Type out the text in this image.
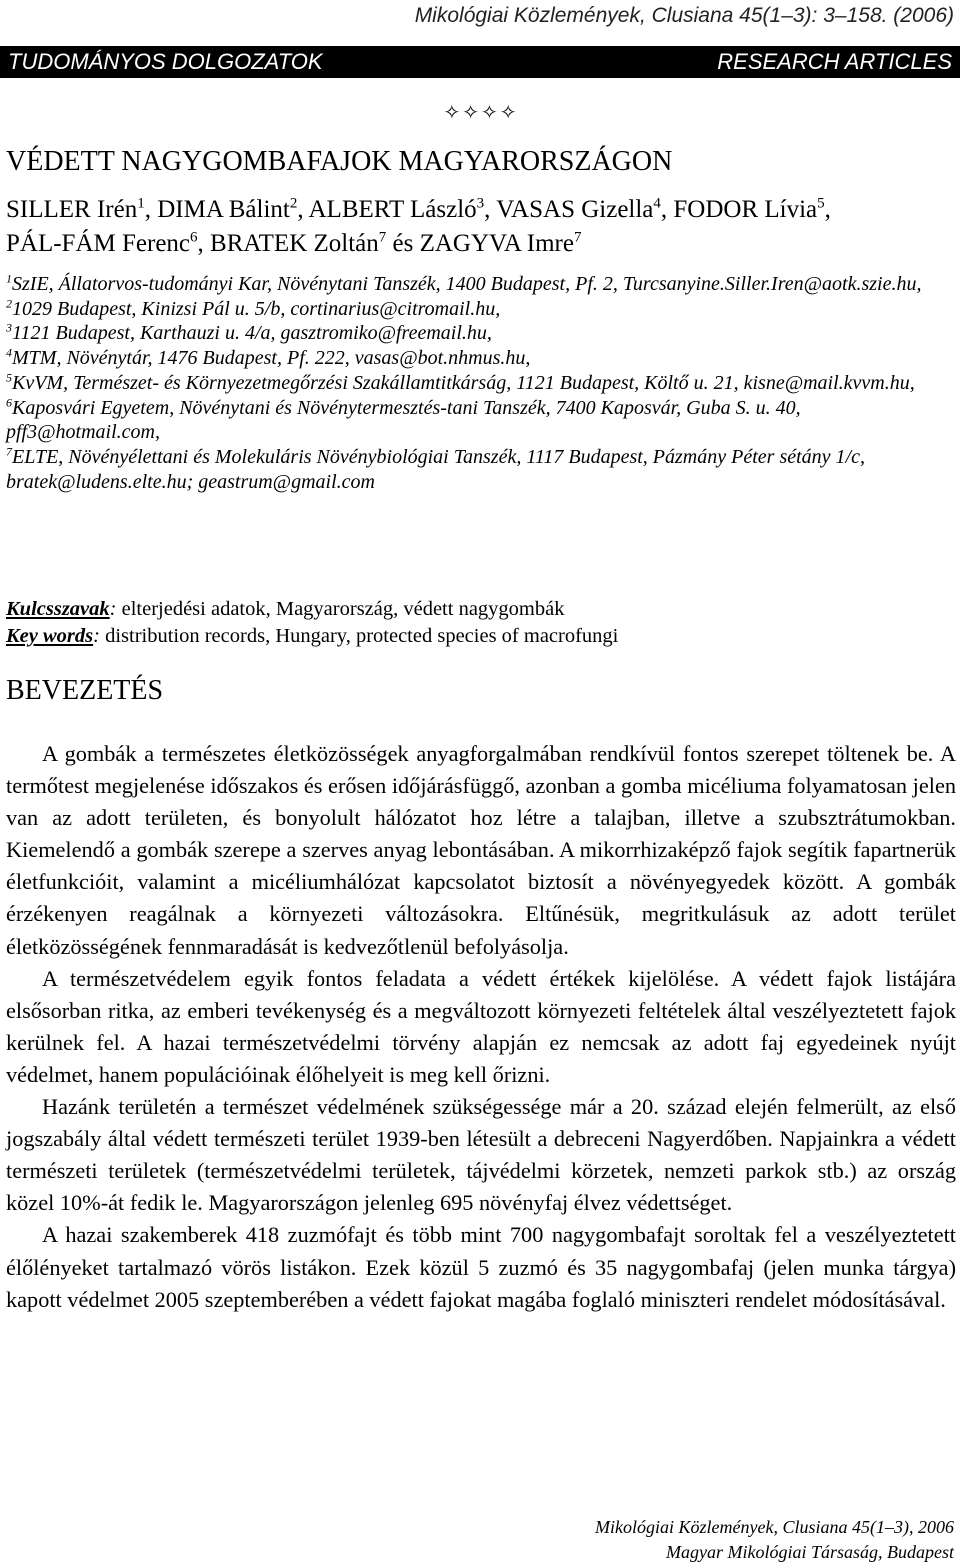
Mikológiai Közlemények, Clusiana 45(1–3): 3–158. (2006)
TUDOMÁNYOS DOLGOZATOK	RESEARCH ARTICLES
✧✧✧✧
VÉDETT NAGYGOMBAFAJOK MAGYARORSZÁGON
SILLER Irén$^1$, DIMA Bálint$^2$, ALBERT László$^3$, VASAS Gizella$^4$, FODOR Lívia$^5$,
PÁL-FÁM Ferenc$^6$, BRATEK Zoltán$^7$ és ZAGYVA Imre$^7$

$^1$SzIE, Állatorvos-tudományi Kar, Növénytani Tanszék, 1400 Budapest, Pf. 2, Turcsanyine.Siller.Iren@aotk.szie.hu,

$^2$1029 Budapest, Kinizsi Pál u. 5/b, cortinarius@citromail.hu,

$^3$1121 Budapest, Karthauzi u. 4/a, gasztromiko@freemail.hu,

$^4$MTM, Növénytár, 1476 Budapest, Pf. 222, vasas@bot.nhmus.hu,

$^5$KvVM, Természet- és Környezetmegőrzési Szakállamtitkárság, 1121 Budapest, Költő u. 21, kisne@mail.kvvm.hu,

$^6$Kaposvári Egyetem, Növénytani és Növénytermesztés-tani Tanszék, 7400 Kaposvár, Guba S. u. 40, pff3@hotmail.com,

$^7$ELTE, Növényélettani és Molekuláris Növénybiológiai Tanszék, 1117 Budapest, Pázmány Péter sétány 1/c, bratek@ludens.elte.hu; geastrum@gmail.com

Kulcsszavak: elterjedési adatok, Magyarország, védett nagygombák
Key words: distribution records, Hungary, protected species of macrofungi
BEVEZETÉS

A gombák a természetes életközösségek anyagforgalmában rendkívül fontos szerepet töltenek be. A termőtest megjelenése időszakos és erősen időjárásfüggő, azonban a gomba micéliuma folyamatosan jelen van az adott területen, és bonyolult hálózatot hoz létre a talajban, illetve a szubsztrátumokban. Kiemelendő a gombák szerepe a szerves anyag lebontásában. A mikorrhizaképző fajok segítik fapartnerük életfunkcióit, valamint a micéliumhálózat kapcsolatot biztosít a növényegyedek között. A gombák érzékenyen reagálnak a környezeti változásokra. Eltűnésük, megritkulásuk az adott terület életközösségének fennmaradását is kedvezőtlenül befolyásolja.

A természetvédelem egyik fontos feladata a védett értékek kijelölése. A védett fajok listájára elsősorban ritka, az emberi tevékenység és a megváltozott környezeti feltételek által veszélyeztetett fajok kerülnek fel. A hazai természetvédelmi törvény alapján ez nemcsak az adott faj egyedeinek nyújt védelmet, hanem populációinak élőhelyeit is meg kell őrizni.

Hazánk területén a természet védelmének szükségessége már a 20. század elején felmerült, az első jogszabály által védett természeti terület 1939-ben létesült a debreceni Nagyerdőben. Napjainkra a védett természeti területek (természetvédelmi területek, tájvédelmi körzetek, nemzeti parkok stb.) az ország közel 10%-át fedik le. Magyarországon jelenleg 695 növényfaj élvez védettséget.

A hazai szakemberek 418 zuzmófajt és több mint 700 nagygombafajt soroltak fel a veszélyeztetett élőlényeket tartalmazó vörös listákon. Ezek közül 5 zuzmó és 35 nagygombafaj (jelen munka tárgya) kapott védelmet 2005 szeptemberében a védett fajokat magába foglaló miniszteri rendelet módosításával.

Mikológiai Közlemények, Clusiana 45(1–3), 2006
Magyar Mikológiai Társaság, Budapest
